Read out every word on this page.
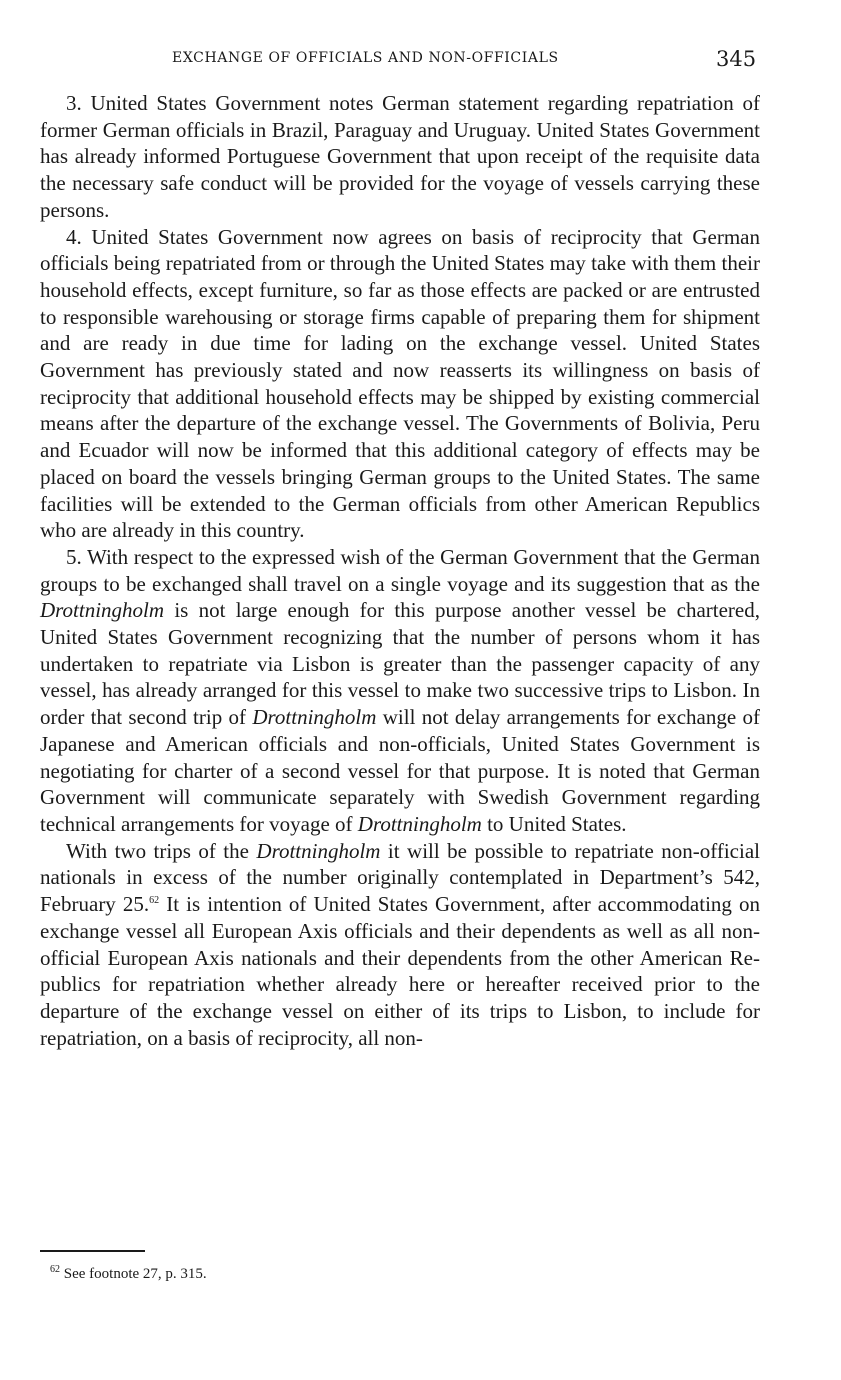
EXCHANGE OF OFFICIALS AND NON-OFFICIALS	345

3. United States Government notes German statement regarding repatriation of former German officials in Brazil, Paraguay and Uruguay. United States Government has already informed Portuguese Government that upon receipt of the requisite data the necessary safe conduct will be provided for the voyage of vessels carrying these persons.

4. United States Government now agrees on basis of reciprocity that German officials being repatriated from or through the United States may take with them their household effects, except furniture, so far as those effects are packed or are entrusted to responsible warehousing or storage firms capable of preparing them for shipment and are ready in due time for lading on the exchange vessel. United States Government has previously stated and now reasserts its willingness on basis of reciprocity that additional household effects may be shipped by existing commercial means after the departure of the exchange vessel. The Governments of Bolivia, Peru and Ecuador will now be informed that this additional category of effects may be placed on board the vessels bringing German groups to the United States. The same facilities will be extended to the German officials from other American Republics who are already in this country.

5. With respect to the expressed wish of the German Government that the German groups to be exchanged shall travel on a single voyage and its suggestion that as the Drottningholm is not large enough for this purpose another vessel be chartered, United States Government recognizing that the number of persons whom it has undertaken to repatriate via Lisbon is greater than the passenger capacity of any vessel, has already arranged for this vessel to make two successive trips to Lisbon. In order that second trip of Drottningholm will not delay arrangements for exchange of Japanese and American officials and non-officials, United States Government is negotiating for charter of a second vessel for that purpose. It is noted that German Government will communicate separately with Swedish Government regarding technical arrangements for voyage of Drottningholm to United States.

With two trips of the Drottningholm it will be possible to repatriate non-official nationals in excess of the number originally contemplated in Department’s 542, February 25.62 It is intention of United States Government, after accommodating on exchange vessel all European Axis officials and their dependents as well as all non-official European Axis nationals and their dependents from the other American Republics for repatriation whether already here or hereafter received prior to the departure of the exchange vessel on either of its trips to Lisbon, to include for repatriation, on a basis of reciprocity, all non-

$^{62}$ See footnote 27, p. 315.
